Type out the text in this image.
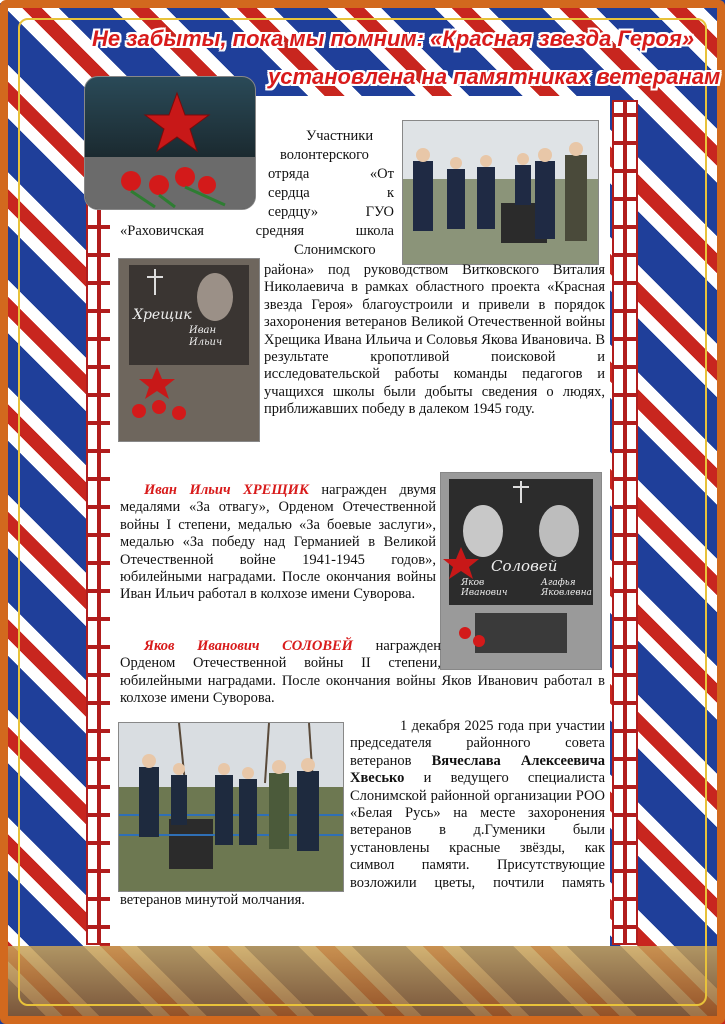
Не забыты, пока мы помним: «Красная звезда Героя»
установлена на памятниках ветеранам
Хрещик
Иван
Ильич
Соловей
Яков
Иванович
Агафья
Яковлевна
Участники
волонтерского
отряда «От
сердца к
сердцу» ГУО
«Раховичская средняя школа
Слонимского
района» под руководством Витковского Виталия Николаевича в рамках областного проекта «Красная звезда Героя» благоустроили и привели в порядок захоронения ветеранов Великой Отечественной войны Хрещика Ивана Ильича и Соловья Якова Ивановича. В результате кропотливой поисковой и исследовательской работы команды педагогов и учащихся школы были добыты сведения о людях, приближавших победу в далеком 1945 году.
Иван Ильич ХРЕЩИК награжден двумя медалями «За отвагу», Орденом Отечественной войны I степени, медалью «За боевые заслуги», медалью «За победу над Германией в Великой Отечественной войне 1941-1945 годов», юбилейными наградами. После окончания войны Иван Ильич работал в колхозе имени Суворова.
Яков Иванович СОЛОВЕЙ награжден Орденом Отечественной войны II степени, юбилейными наградами. После окончания войны Яков Иванович работал в колхозе имени Суворова.
1 декабря 2025 года при участии председателя районного совета ветеранов Вячеслава Алексеевича Хвесько и ведущего специалиста Слонимской районной организации РОО «Белая Русь» на месте захоронения ветеранов в д.Гуменики были установлены красные звёзды, как символ памяти. Присутствующие возложили цветы, почтили память ветеранов минутой молчания.
